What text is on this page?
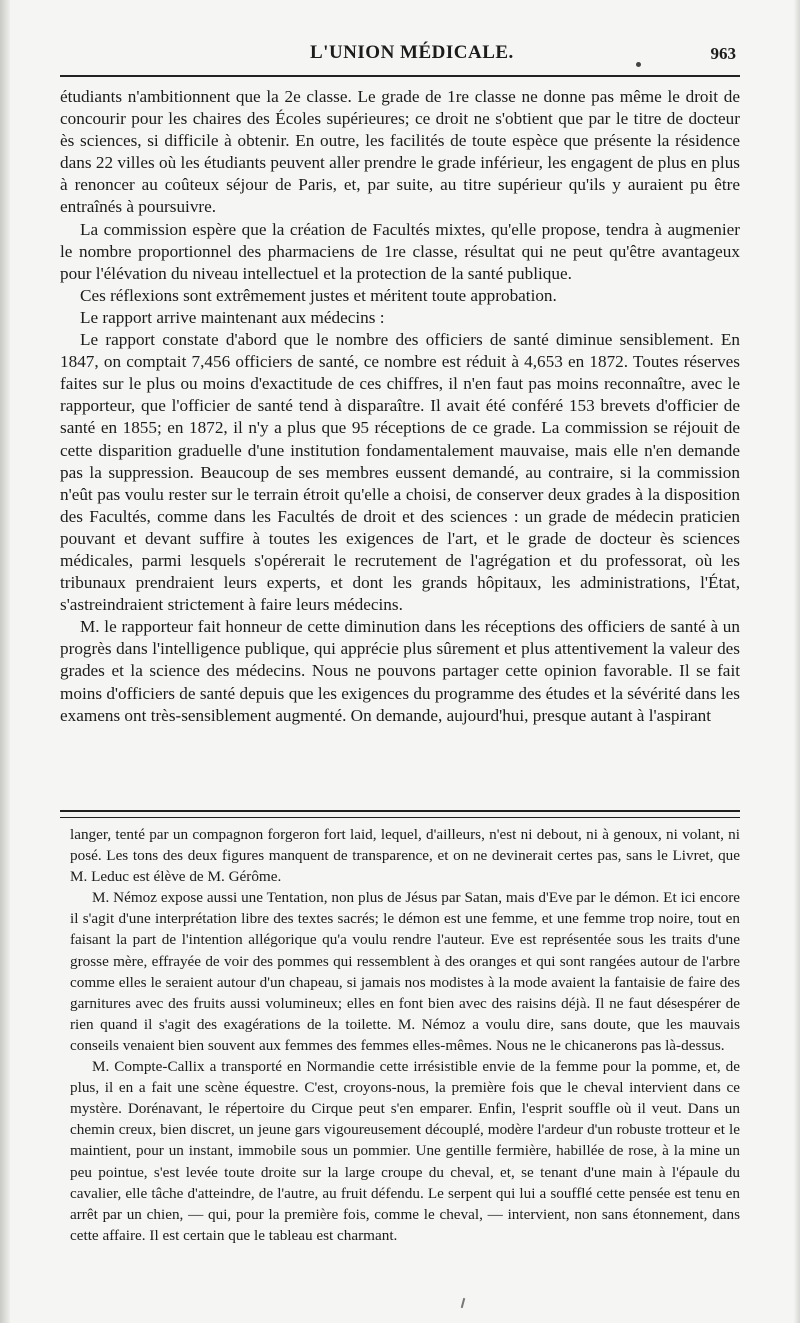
L'UNION MÉDICALE.	963

étudiants n'ambitionnent que la 2e classe. Le grade de 1re classe ne donne pas même le droit de concourir pour les chaires des Écoles supérieures; ce droit ne s'obtient que par le titre de docteur ès sciences, si difficile à obtenir. En outre, les facilités de toute espèce que présente la résidence dans 22 villes où les étudiants peuvent aller prendre le grade inférieur, les engagent de plus en plus à renoncer au coûteux séjour de Paris, et, par suite, au titre supérieur qu'ils y auraient pu être entraînés à poursuivre.

La commission espère que la création de Facultés mixtes, qu'elle propose, tendra à augmenier le nombre proportionnel des pharmaciens de 1re classe, résultat qui ne peut qu'être avantageux pour l'élévation du niveau intellectuel et la protection de la santé publique.

Ces réflexions sont extrêmement justes et méritent toute approbation.

Le rapport arrive maintenant aux médecins :

Le rapport constate d'abord que le nombre des officiers de santé diminue sensiblement. En 1847, on comptait 7,456 officiers de santé, ce nombre est réduit à 4,653 en 1872. Toutes réserves faites sur le plus ou moins d'exactitude de ces chiffres, il n'en faut pas moins reconnaître, avec le rapporteur, que l'officier de santé tend à disparaître. Il avait été conféré 153 brevets d'officier de santé en 1855; en 1872, il n'y a plus que 95 réceptions de ce grade. La commission se réjouit de cette disparition graduelle d'une institution fondamentalement mauvaise, mais elle n'en demande pas la suppression. Beaucoup de ses membres eussent demandé, au contraire, si la commission n'eût pas voulu rester sur le terrain étroit qu'elle a choisi, de conserver deux grades à la disposition des Facultés, comme dans les Facultés de droit et des sciences : un grade de médecin praticien pouvant et devant suffire à toutes les exigences de l'art, et le grade de docteur ès sciences médicales, parmi lesquels s'opérerait le recrutement de l'agrégation et du professorat, où les tribunaux prendraient leurs experts, et dont les grands hôpitaux, les administrations, l'État, s'astreindraient strictement à faire leurs médecins.

M. le rapporteur fait honneur de cette diminution dans les réceptions des officiers de santé à un progrès dans l'intelligence publique, qui apprécie plus sûrement et plus attentivement la valeur des grades et la science des médecins. Nous ne pouvons partager cette opinion favorable. Il se fait moins d'officiers de santé depuis que les exigences du programme des études et la sévérité dans les examens ont très-sensiblement augmenté. On demande, aujourd'hui, presque autant à l'aspirant

langer, tenté par un compagnon forgeron fort laid, lequel, d'ailleurs, n'est ni debout, ni à genoux, ni volant, ni posé. Les tons des deux figures manquent de transparence, et on ne devinerait certes pas, sans le Livret, que M. Leduc est élève de M. Gérôme.

M. Némoz expose aussi une Tentation, non plus de Jésus par Satan, mais d'Eve par le démon. Et ici encore il s'agit d'une interprétation libre des textes sacrés; le démon est une femme, et une femme trop noire, tout en faisant la part de l'intention allégorique qu'a voulu rendre l'auteur. Eve est représentée sous les traits d'une grosse mère, effrayée de voir des pommes qui ressemblent à des oranges et qui sont rangées autour de l'arbre comme elles le seraient autour d'un chapeau, si jamais nos modistes à la mode avaient la fantaisie de faire des garnitures avec des fruits aussi volumineux; elles en font bien avec des raisins déjà. Il ne faut désespérer de rien quand il s'agit des exagérations de la toilette. M. Némoz a voulu dire, sans doute, que les mauvais conseils venaient bien souvent aux femmes des femmes elles-mêmes. Nous ne le chicanerons pas là-dessus.

M. Compte-Callix a transporté en Normandie cette irrésistible envie de la femme pour la pomme, et, de plus, il en a fait une scène équestre. C'est, croyons-nous, la première fois que le cheval intervient dans ce mystère. Dorénavant, le répertoire du Cirque peut s'en emparer. Enfin, l'esprit souffle où il veut. Dans un chemin creux, bien discret, un jeune gars vigoureusement découplé, modère l'ardeur d'un robuste trotteur et le maintient, pour un instant, immobile sous un pommier. Une gentille fermière, habillée de rose, à la mine un peu pointue, s'est levée toute droite sur la large croupe du cheval, et, se tenant d'une main à l'épaule du cavalier, elle tâche d'atteindre, de l'autre, au fruit défendu. Le serpent qui lui a soufflé cette pensée est tenu en arrêt par un chien, — qui, pour la première fois, comme le cheval, — intervient, non sans étonnement, dans cette affaire. Il est certain que le tableau est charmant.
